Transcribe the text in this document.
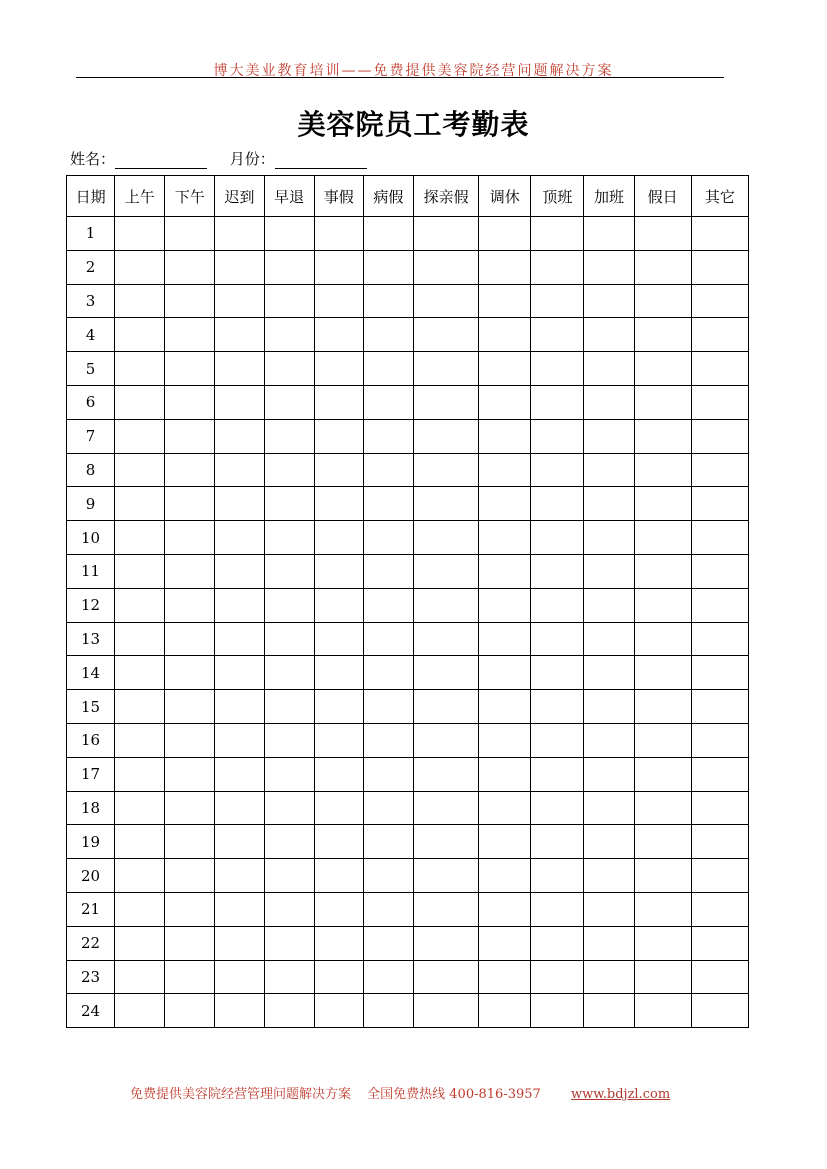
博大美业教育培训——免费提供美容院经营问题解决方案
美容院员工考勤表
姓名：	月份：
日期	上午	下午	迟到	早退	事假	病假	探亲假	调休	顶班	加班	假日	其它
1												
2												
3												
4												
5												
6												
7												
8												
9												
10												
11												
12												
13												
14												
15												
16												
17												
18												
19												
20												
21												
22												
23												
24												
免费提供美容院经营管理问题解决方案 全国免费热线 400-816-3957 www.bdjzl.com
